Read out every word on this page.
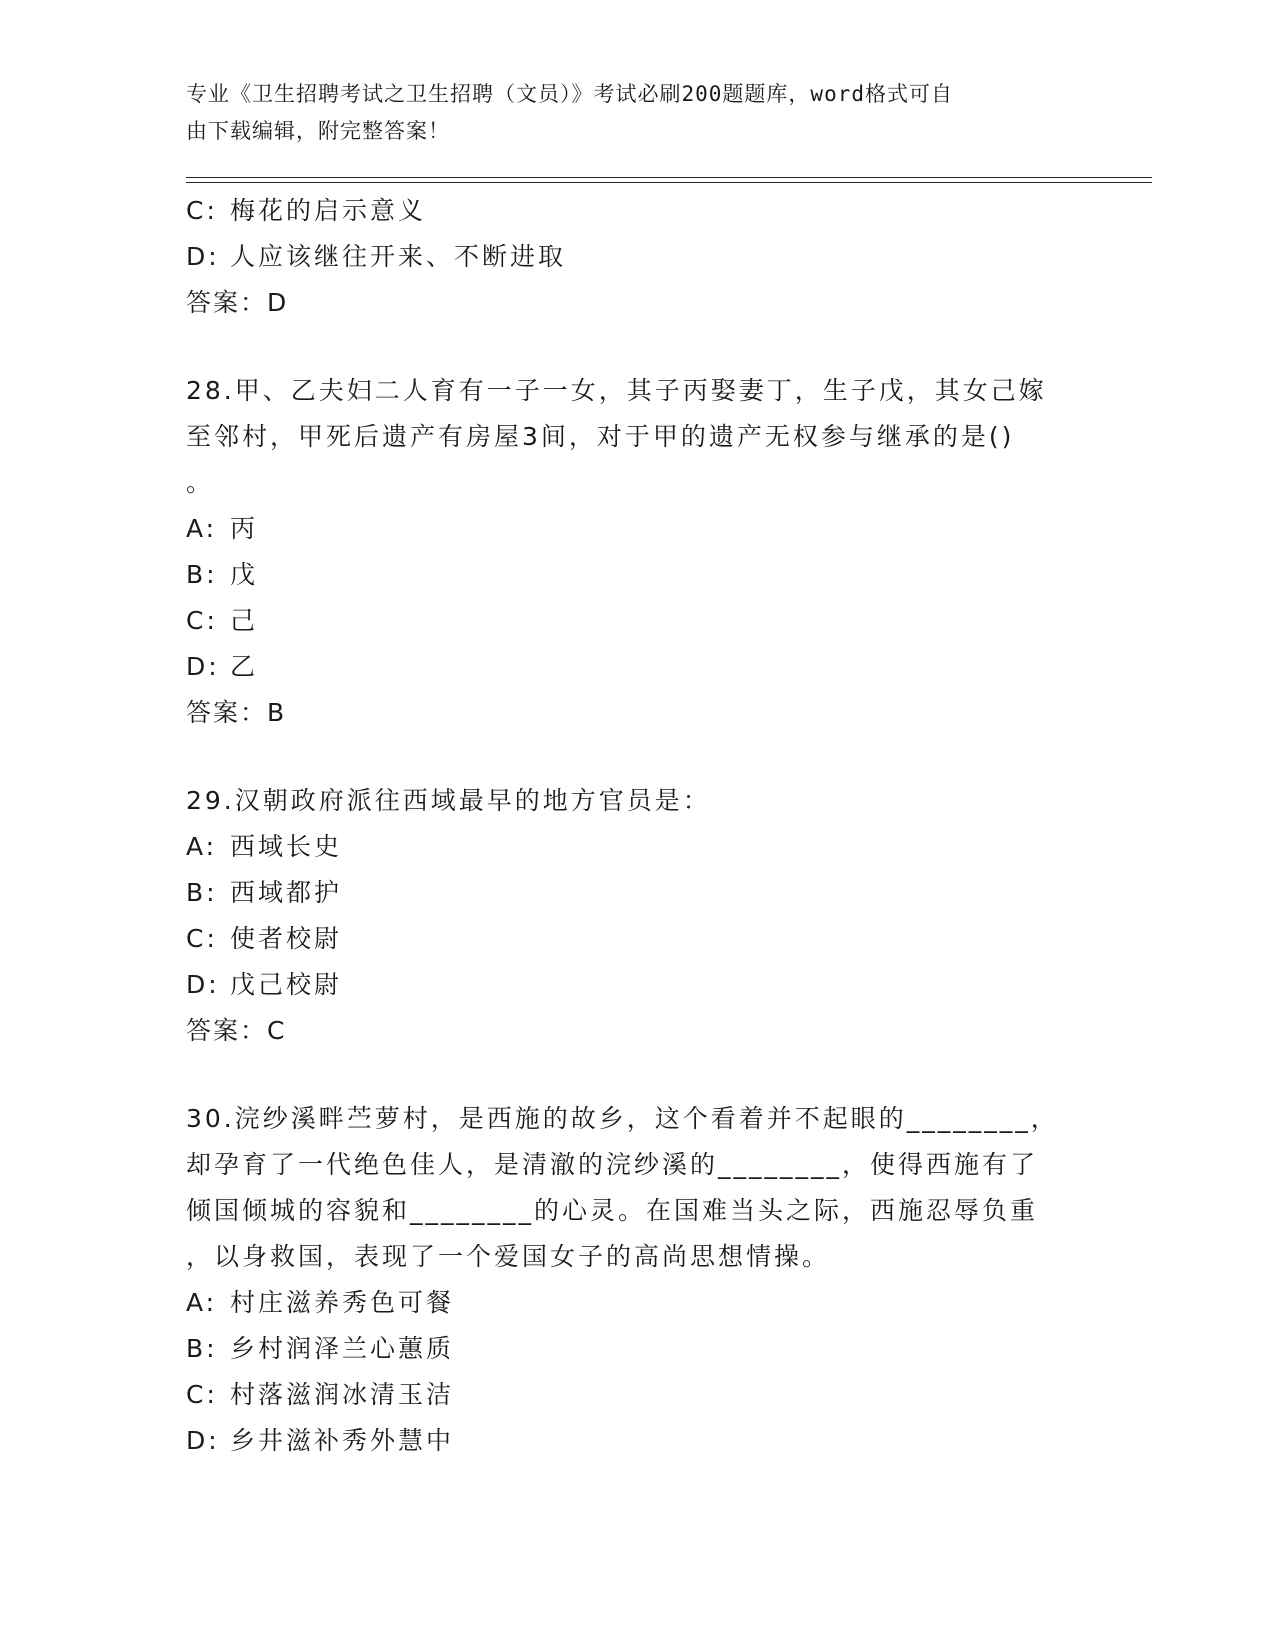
专业《卫生招聘考试之卫生招聘（文员）》考试必刷200题题库，word格式可自
由下载编辑，附完整答案！
C: 梅花的启示意义
D: 人应该继往开来、不断进取
答案：D
28.甲、乙夫妇二人育有一子一女，其子丙娶妻丁，生子戊，其女己嫁
至邻村，甲死后遗产有房屋3间，对于甲的遗产无权参与继承的是()
。
A: 丙
B: 戊
C: 己
D: 乙
答案：B
29.汉朝政府派往西域最早的地方官员是：
A: 西域长史
B: 西域都护
C: 使者校尉
D: 戊己校尉
答案：C
30.浣纱溪畔苎萝村，是西施的故乡，这个看着并不起眼的________，
却孕育了一代绝色佳人，是清澈的浣纱溪的________，使得西施有了
倾国倾城的容貌和________的心灵。在国难当头之际，西施忍辱负重
，以身救国，表现了一个爱国女子的高尚思想情操。
A: 村庄滋养秀色可餐
B: 乡村润泽兰心蕙质
C: 村落滋润冰清玉洁
D: 乡井滋补秀外慧中
